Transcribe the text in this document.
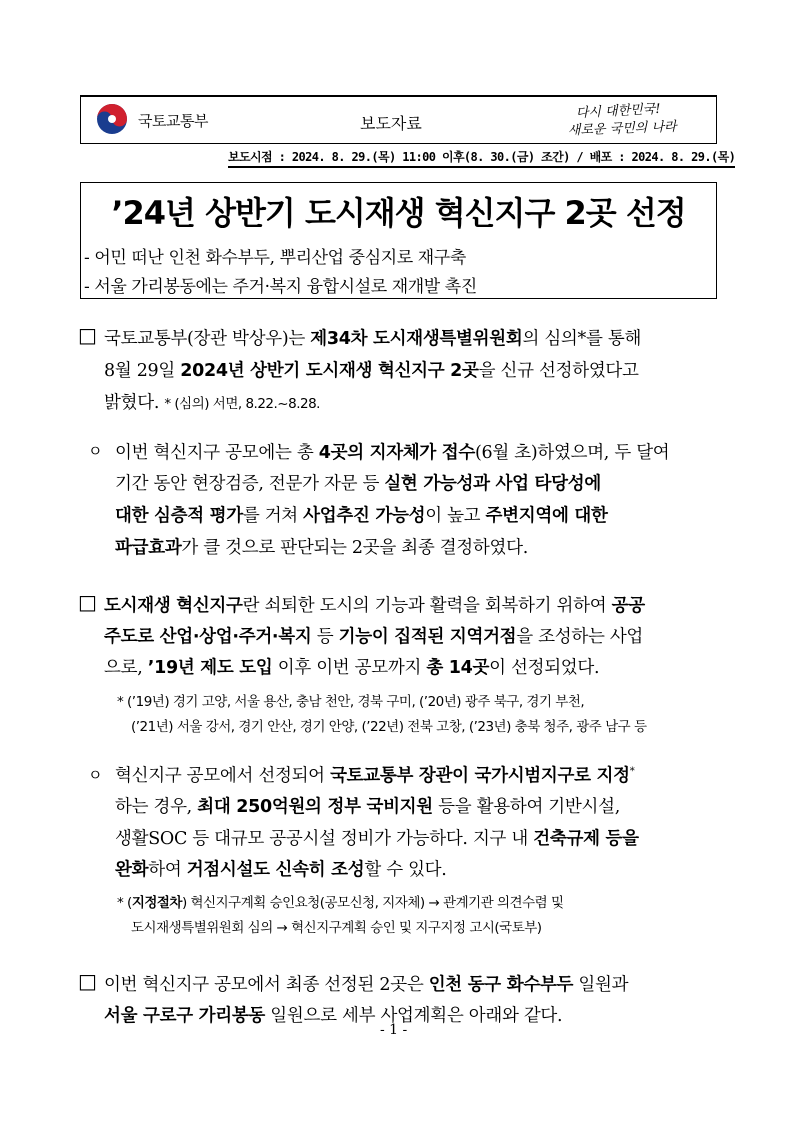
국토교통부	보도자료
다시 대한민국!
새로운 국민의 나라
보도시점 : 2024. 8. 29.(목) 11:00 이후(8. 30.(금) 조간) / 배포 : 2024. 8. 29.(목)
’24년 상반기 도시재생 혁신지구 2곳 선정
- 어민 떠난 인천 화수부두, 뿌리산업 중심지로 재구축
- 서울 가리봉동에는 주거·복지 융합시설로 재개발 촉진
□ 국토교통부(장관 박상우)는 제34차 도시재생특별위원회의 심의*를 통해
8월 29일 2024년 상반기 도시재생 혁신지구 2곳을 신규 선정하였다고
밝혔다. * (심의) 서면, 8.22.~8.28.
ㅇ 이번 혁신지구 공모에는 총 4곳의 지자체가 접수(6월 초)하였으며, 두 달여
기간 동안 현장검증, 전문가 자문 등 실현 가능성과 사업 타당성에
대한 심층적 평가를 거쳐 사업추진 가능성이 높고 주변지역에 대한
파급효과가 클 것으로 판단되는 2곳을 최종 결정하였다.
□ 도시재생 혁신지구란 쇠퇴한 도시의 기능과 활력을 회복하기 위하여 공공
주도로 산업·상업·주거·복지 등 기능이 집적된 지역거점을 조성하는 사업
으로, ’19년 제도 도입 이후 이번 공모까지 총 14곳이 선정되었다.
* (’19년) 경기 고양, 서울 용산, 충남 천안, 경북 구미, (’20년) 광주 북구, 경기 부천,
(’21년) 서울 강서, 경기 안산, 경기 안양, (’22년) 전북 고창, (’23년) 충북 청주, 광주 남구 등
ㅇ 혁신지구 공모에서 선정되어 국토교통부 장관이 국가시범지구로 지정*
하는 경우, 최대 250억원의 정부 국비지원 등을 활용하여 기반시설,
생활SOC 등 대규모 공공시설 정비가 가능하다. 지구 내 건축규제 등을
완화하여 거점시설도 신속히 조성할 수 있다.
* (지정절차) 혁신지구계획 승인요청(공모신청, 지자체) → 관계기관 의견수렴 및
도시재생특별위원회 심의 → 혁신지구계획 승인 및 지구지정 고시(국토부)
□ 이번 혁신지구 공모에서 최종 선정된 2곳은 인천 동구 화수부두 일원과
서울 구로구 가리봉동 일원으로 세부 사업계획은 아래와 같다.
- 1 -
